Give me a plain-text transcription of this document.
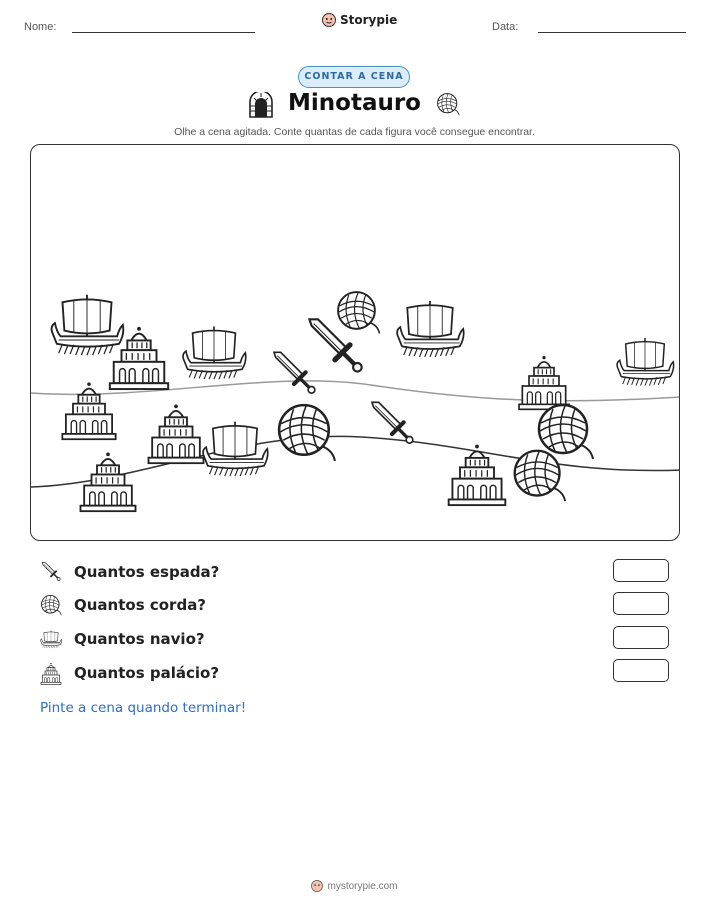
Nome:	Storypie	Data:
CONTAR A CENA
Minotauro
Olhe a cena agitada. Conte quantas de cada figura você consegue encontrar.
Quantos espada?
Quantos corda?
Quantos navio?
Quantos palácio?
Pinte a cena quando terminar!
mystorypie.com
